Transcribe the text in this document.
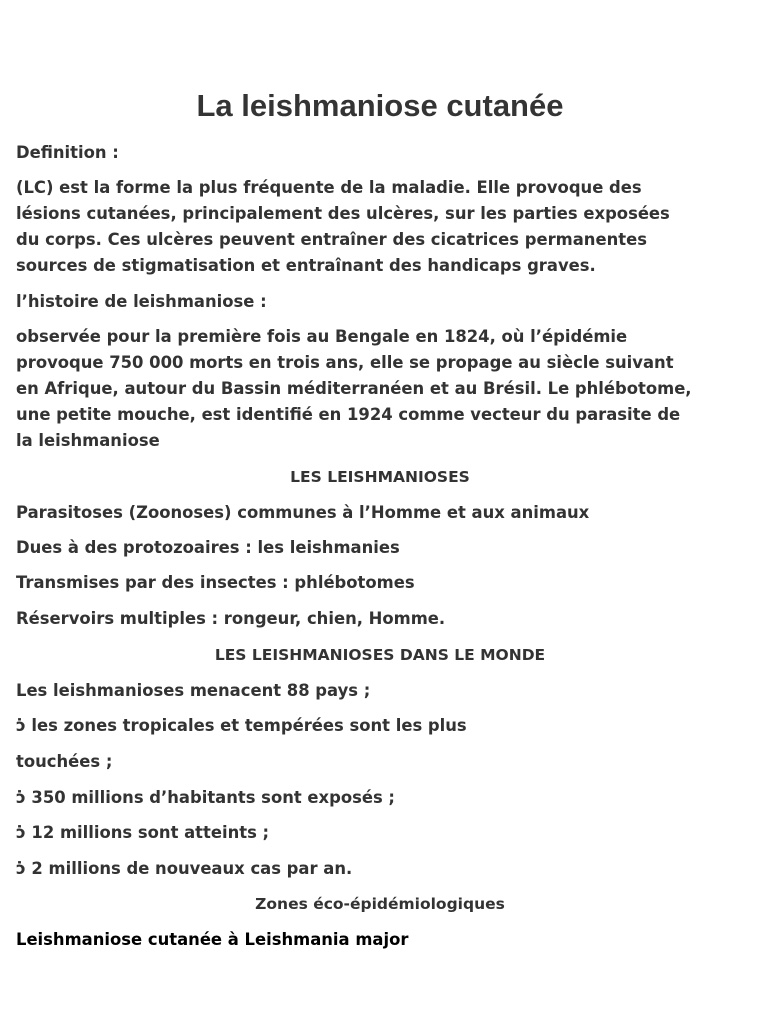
La leishmaniose cutanée

Definition :

(LC) est la forme la plus fréquente de la maladie. Elle provoque des
lésions cutanées, principalement des ulcères, sur les parties exposées
du corps. Ces ulcères peuvent entraîner des cicatrices permanentes
sources de stigmatisation et entraînant des handicaps graves.

l’histoire de leishmaniose :

observée pour la première fois au Bengale en 1824, où l’épidémie
provoque 750 000 morts en trois ans, elle se propage au siècle suivant
en Afrique, autour du Bassin méditerranéen et au Brésil. Le phlébotome,
une petite mouche, est identifié en 1924 comme vecteur du parasite de
la leishmaniose

LES LEISHMANIOSES

Parasitoses (Zoonoses) communes à l’Homme et aux animaux

Dues à des protozoaires : les leishmanies

Transmises par des insectes : phlébotomes

Réservoirs multiples : rongeur, chien, Homme.

LES LEISHMANIOSES DANS LE MONDE

Les leishmanioses menacent 88 pays ;

ɔ̇ les zones tropicales et tempérées sont les plus

touchées ;

ɔ̇ 350 millions d’habitants sont exposés ;

ɔ̇ 12 millions sont atteints ;

ɔ̇ 2 millions de nouveaux cas par an.

Zones éco-épidémiologiques

Leishmaniose cutanée à Leishmania major
